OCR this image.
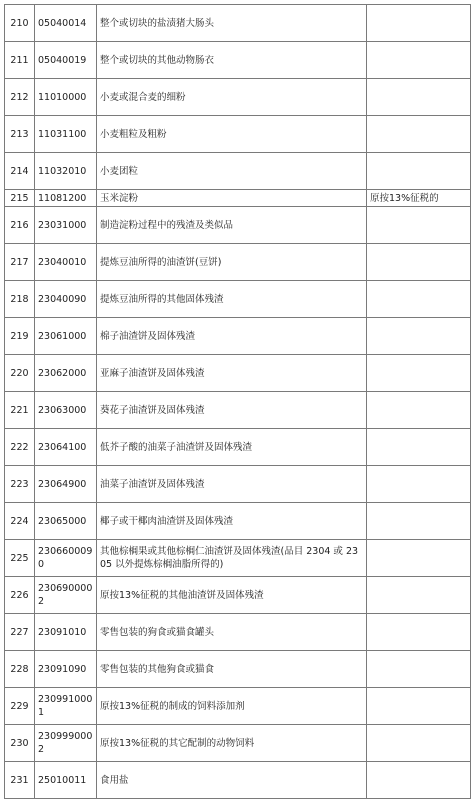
210	05040014	整个或切块的盐渍猪大肠头	
211	05040019	整个或切块的其他动物肠衣	
212	11010000	小麦或混合麦的细粉	
213	11031100	小麦粗粒及粗粉	
214	11032010	小麦团粒	
215	11081200	玉米淀粉	原按13%征税的
216	23031000	制造淀粉过程中的残渣及类似品	
217	23040010	提炼豆油所得的油渣饼(豆饼)	
218	23040090	提炼豆油所得的其他固体残渣	
219	23061000	棉子油渣饼及固体残渣	
220	23062000	亚麻子油渣饼及固体残渣	
221	23063000	葵花子油渣饼及固体残渣	
222	23064100	低芥子酸的油菜子油渣饼及固体残渣	
223	23064900	油菜子油渣饼及固体残渣	
224	23065000	椰子或干椰肉油渣饼及固体残渣	
225	2306600090	其他棕榈果或其他棕榈仁油渣饼及固体残渣(品目 2304 或 2305 以外提炼棕榈油脂所得的)	
226	2306900002	原按13%征税的其他油渣饼及固体残渣	
227	23091010	零售包装的狗食或猫食罐头	
228	23091090	零售包装的其他狗食或猫食	
229	2309910001	原按13%征税的制成的饲料添加剂	
230	2309990002	原按13%征税的其它配制的动物饲料	
231	25010011	食用盐	
